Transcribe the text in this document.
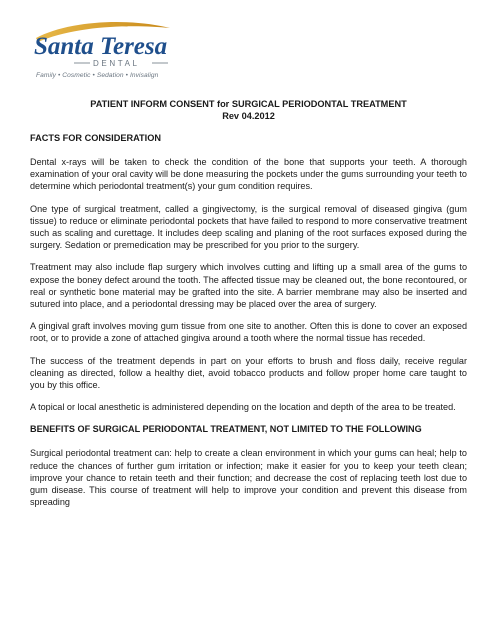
Santa Teresa
DENTAL
Family • Cosmetic • Sedation • Invisalign

PATIENT INFORM CONSENT for SURGICAL PERIODONTAL TREATMENT

Rev 04.2012

FACTS FOR CONSIDERATION

Dental x-rays will be taken to check the condition of the bone that supports your teeth. A thorough examination of your oral cavity will be done measuring the pockets under the gums surrounding your teeth to determine which periodontal treatment(s) your gum condition requires.

One type of surgical treatment, called a gingivectomy, is the surgical removal of diseased gingiva (gum tissue) to reduce or eliminate periodontal pockets that have failed to respond to more conservative treatment such as scaling and curettage. It includes deep scaling and planing of the root surfaces exposed during the surgery. Sedation or premedication may be prescribed for you prior to the surgery.

Treatment may also include flap surgery which involves cutting and lifting up a small area of the gums to expose the boney defect around the tooth. The affected tissue may be cleaned out, the bone recontoured, or real or synthetic bone material may be grafted into the site. A barrier membrane may also be inserted and sutured into place, and a periodontal dressing may be placed over the area of surgery.

A gingival graft involves moving gum tissue from one site to another. Often this is done to cover an exposed root, or to provide a zone of attached gingiva around a tooth where the normal tissue has receded.

The success of the treatment depends in part on your efforts to brush and floss daily, receive regular cleaning as directed, follow a healthy diet, avoid tobacco products and follow proper home care taught to you by this office.

A topical or local anesthetic is administered depending on the location and depth of the area to be treated.

BENEFITS OF SURGICAL PERIODONTAL TREATMENT, NOT LIMITED TO THE FOLLOWING

Surgical periodontal treatment can: help to create a clean environment in which your gums can heal; help to reduce the chances of further gum irritation or infection; make it easier for you to keep your teeth clean; improve your chance to retain teeth and their function; and decrease the cost of replacing teeth lost due to gum disease. This course of treatment will help to improve your condition and prevent this disease from spreading
